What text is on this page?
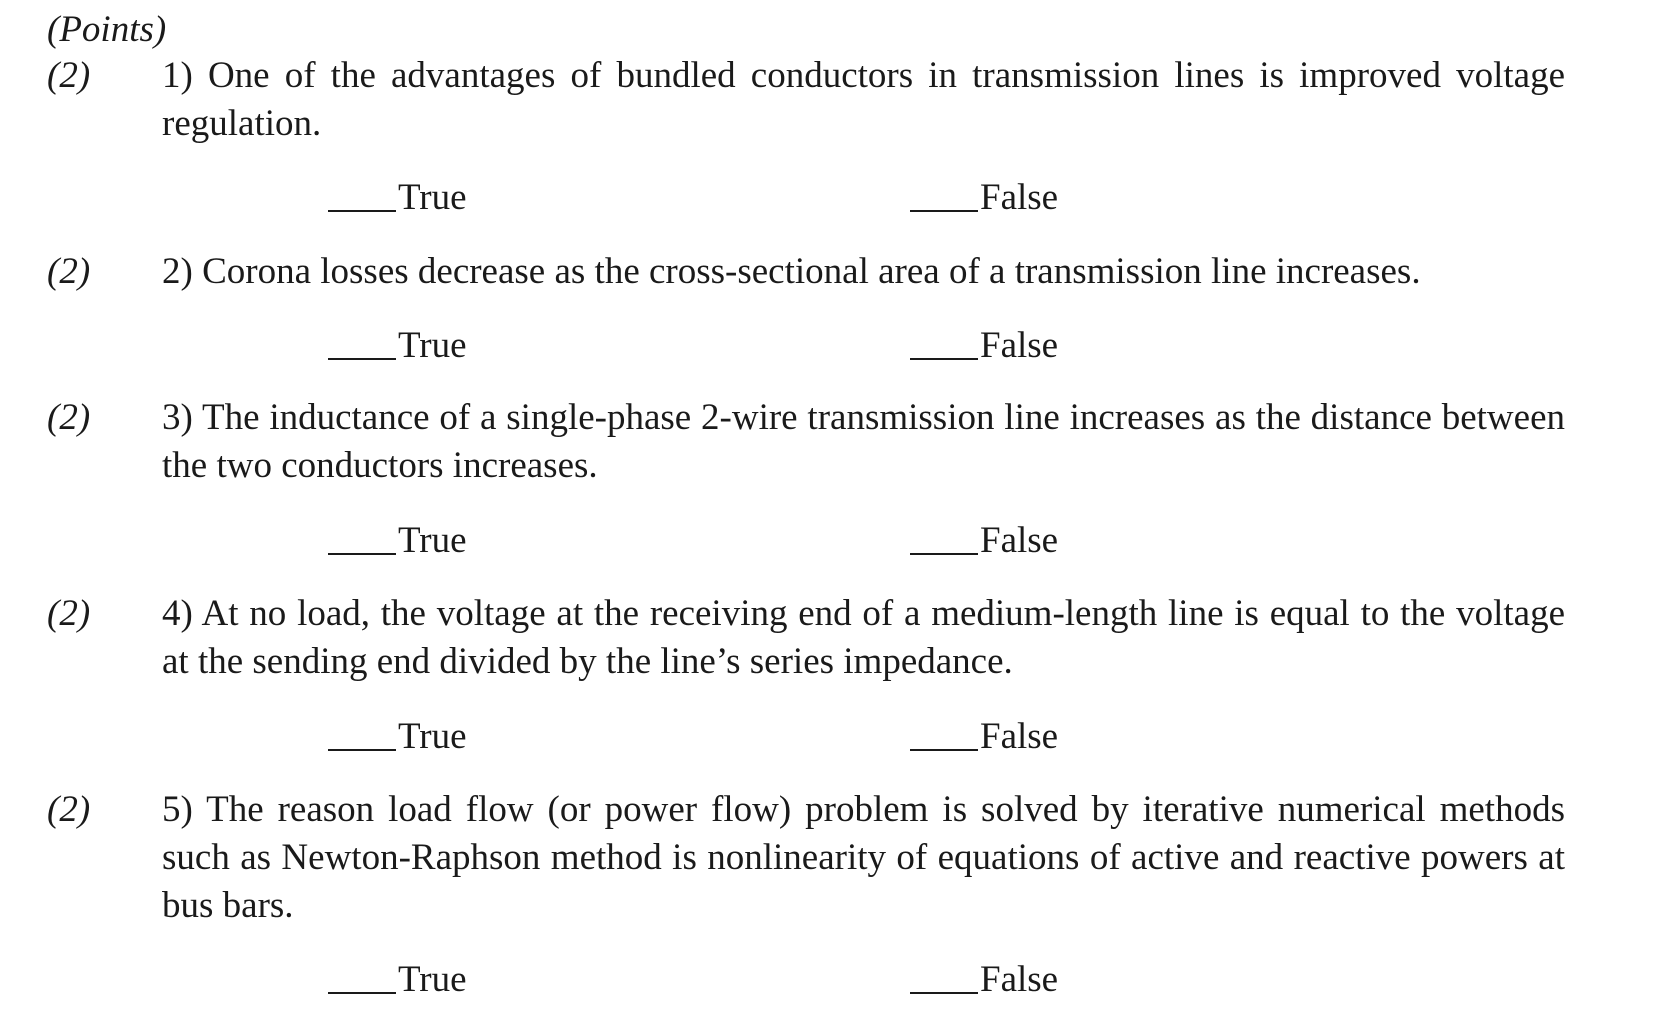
(Points)
(2) 1) One of the advantages of bundled conductors in transmission lines is improved voltage regulation.
True	False
(2) 2) Corona losses decrease as the cross-sectional area of a transmission line increases.
True	False
(2) 3) The inductance of a single-phase 2-wire transmission line increases as the distance between the two conductors increases.
True	False
(2) 4) At no load, the voltage at the receiving end of a medium-length line is equal to the voltage at the sending end divided by the line’s series impedance.
True	False
(2) 5) The reason load flow (or power flow) problem is solved by iterative numerical methods such as Newton-Raphson method is nonlinearity of equations of active and reactive powers at bus bars.
True	False
